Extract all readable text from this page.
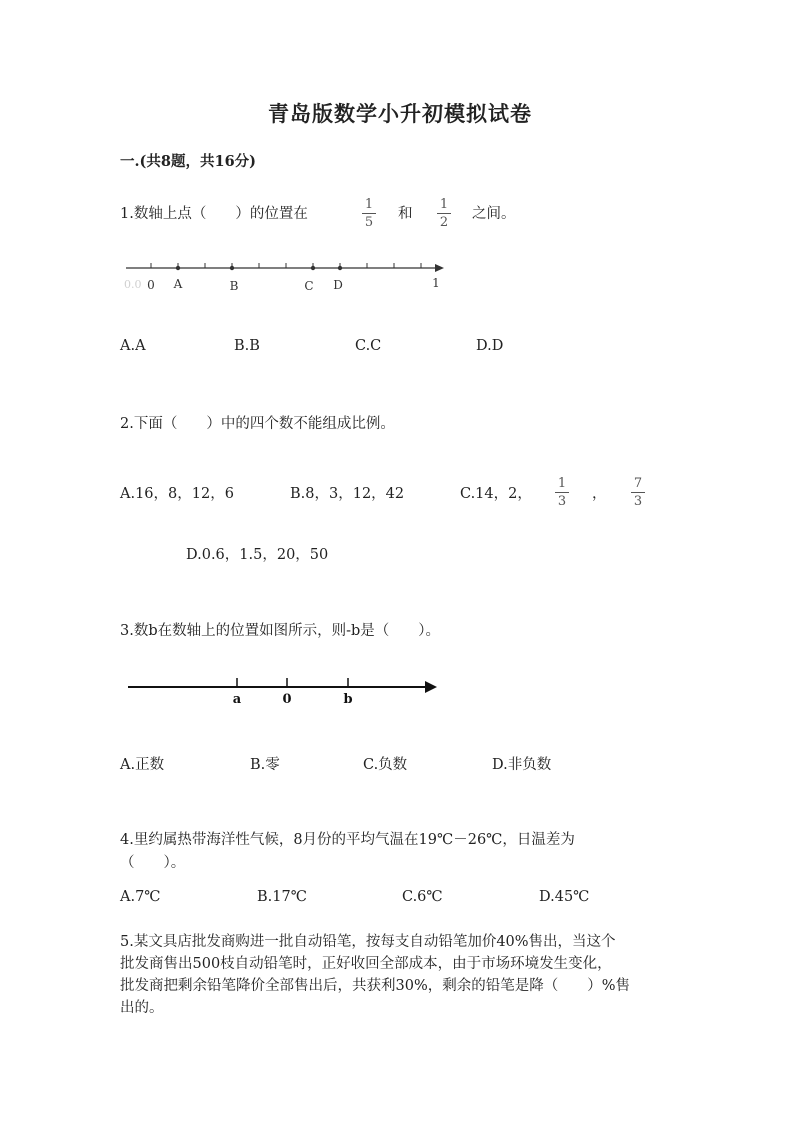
青岛版数学小升初模拟试卷
一.(共8题，共16分)
1.数轴上点（　　）的位置在
1
5
和
1
2
之间。
0.0 0 A	B	C D	1
A.A	B.B	C.C	D.D
2.下面（　　）中的四个数不能组成比例。
A.16，8，12，6	B.8，3，12，42	C.14，2，
1
3	，
7
3
D.0.6，1.5，20，50
3.数b在数轴上的位置如图所示，则-b是（　　）。
a	0	b
A.正数	B.零	C.负数	D.非负数
4.里约属热带海洋性气候，8月份的平均气温在19℃－26℃，日温差为
（　　）。
A.7℃	B.17℃	C.6℃	D.45℃
5.某文具店批发商购进一批自动铅笔，按每支自动铅笔加价40%售出，当这个
批发商售出500枝自动铅笔时，正好收回全部成本，由于市场环境发生变化，
批发商把剩余铅笔降价全部售出后，共获利30%，剩余的铅笔是降（　　）%售
出的。
